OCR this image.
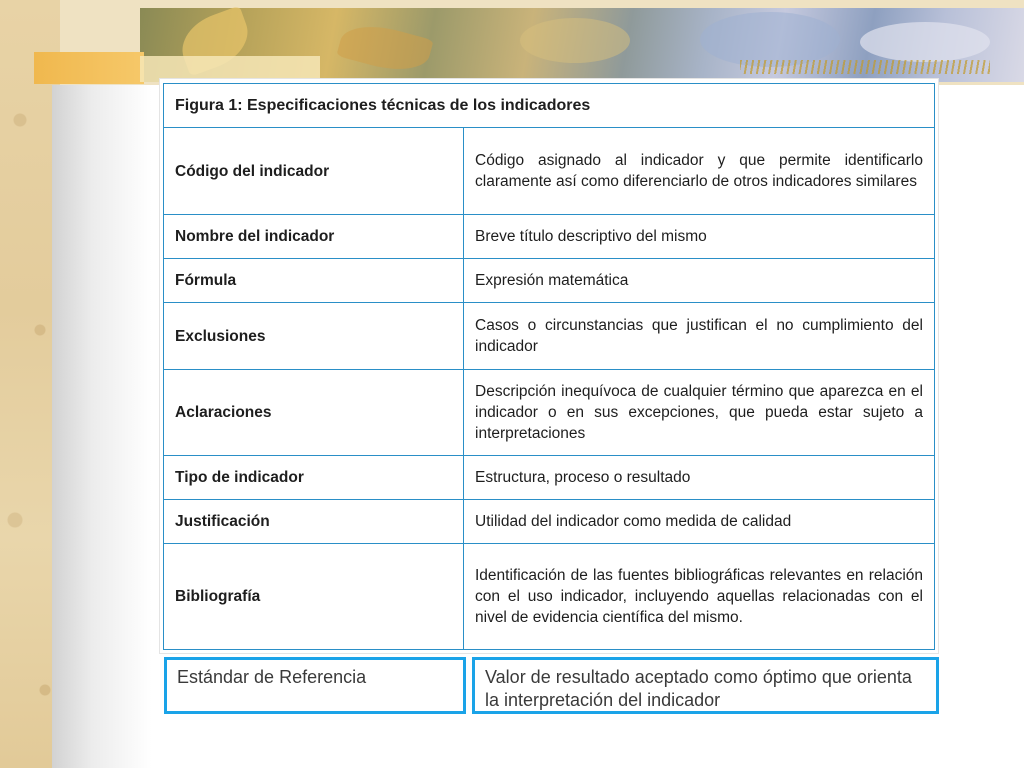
Figura 1: Especificaciones técnicas de los indicadores	
Código del indicador	Código asignado al indicador y que permite identificarlo claramente así como diferenciarlo de otros indicadores similares
Nombre del indicador	Breve título descriptivo del mismo
Fórmula	Expresión matemática
Exclusiones	Casos o circunstancias que justifican el no cumplimiento del indicador
Aclaraciones	Descripción inequívoca de cualquier término que aparezca en el indicador o en sus excepciones, que pueda estar sujeto a interpretaciones
Tipo de indicador	Estructura, proceso o resultado
Justificación	Utilidad del indicador como medida de calidad
Bibliografía	Identificación de las fuentes bibliográficas relevantes en relación con el uso indicador, incluyendo aquellas relacionadas con el nivel de evidencia científica del mismo.
Estándar de Referencia	Valor de resultado aceptado como óptimo que orienta la interpretación del indicador
